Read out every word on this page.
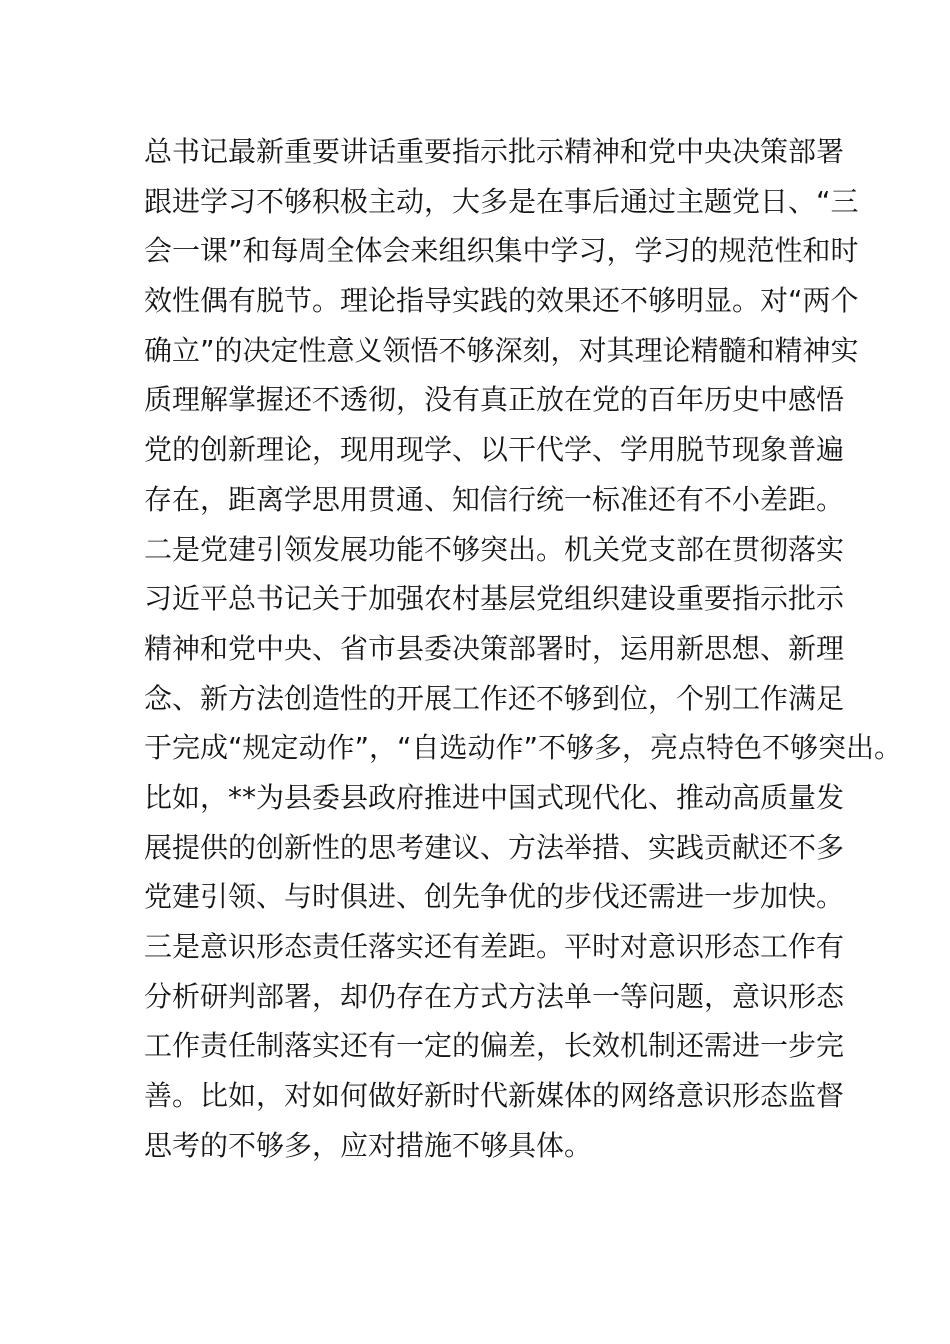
总书记最新重要讲话重要指示批示精神和党中央决策部署
跟进学习不够积极主动，大多是在事后通过主题党日、“三
会一课”和每周全体会来组织集中学习，学习的规范性和时
效性偶有脱节。理论指导实践的效果还不够明显。对“两个
确立”的决定性意义领悟不够深刻，对其理论精髓和精神实
质理解掌握还不透彻，没有真正放在党的百年历史中感悟
党的创新理论，现用现学、以干代学、学用脱节现象普遍
存在，距离学思用贯通、知信行统一标准还有不小差距。
二是党建引领发展功能不够突出。机关党支部在贯彻落实
习近平总书记关于加强农村基层党组织建设重要指示批示
精神和党中央、省市县委决策部署时，运用新思想、新理
念、新方法创造性的开展工作还不够到位，个别工作满足
于完成“规定动作”，“自选动作”不够多，亮点特色不够突出。
比如，**为县委县政府推进中国式现代化、推动高质量发
展提供的创新性的思考建议、方法举措、实践贡献还不多
党建引领、与时俱进、创先争优的步伐还需进一步加快。
三是意识形态责任落实还有差距。平时对意识形态工作有
分析研判部署，却仍存在方式方法单一等问题，意识形态
工作责任制落实还有一定的偏差，长效机制还需进一步完
善。比如，对如何做好新时代新媒体的网络意识形态监督
思考的不够多，应对措施不够具体。
